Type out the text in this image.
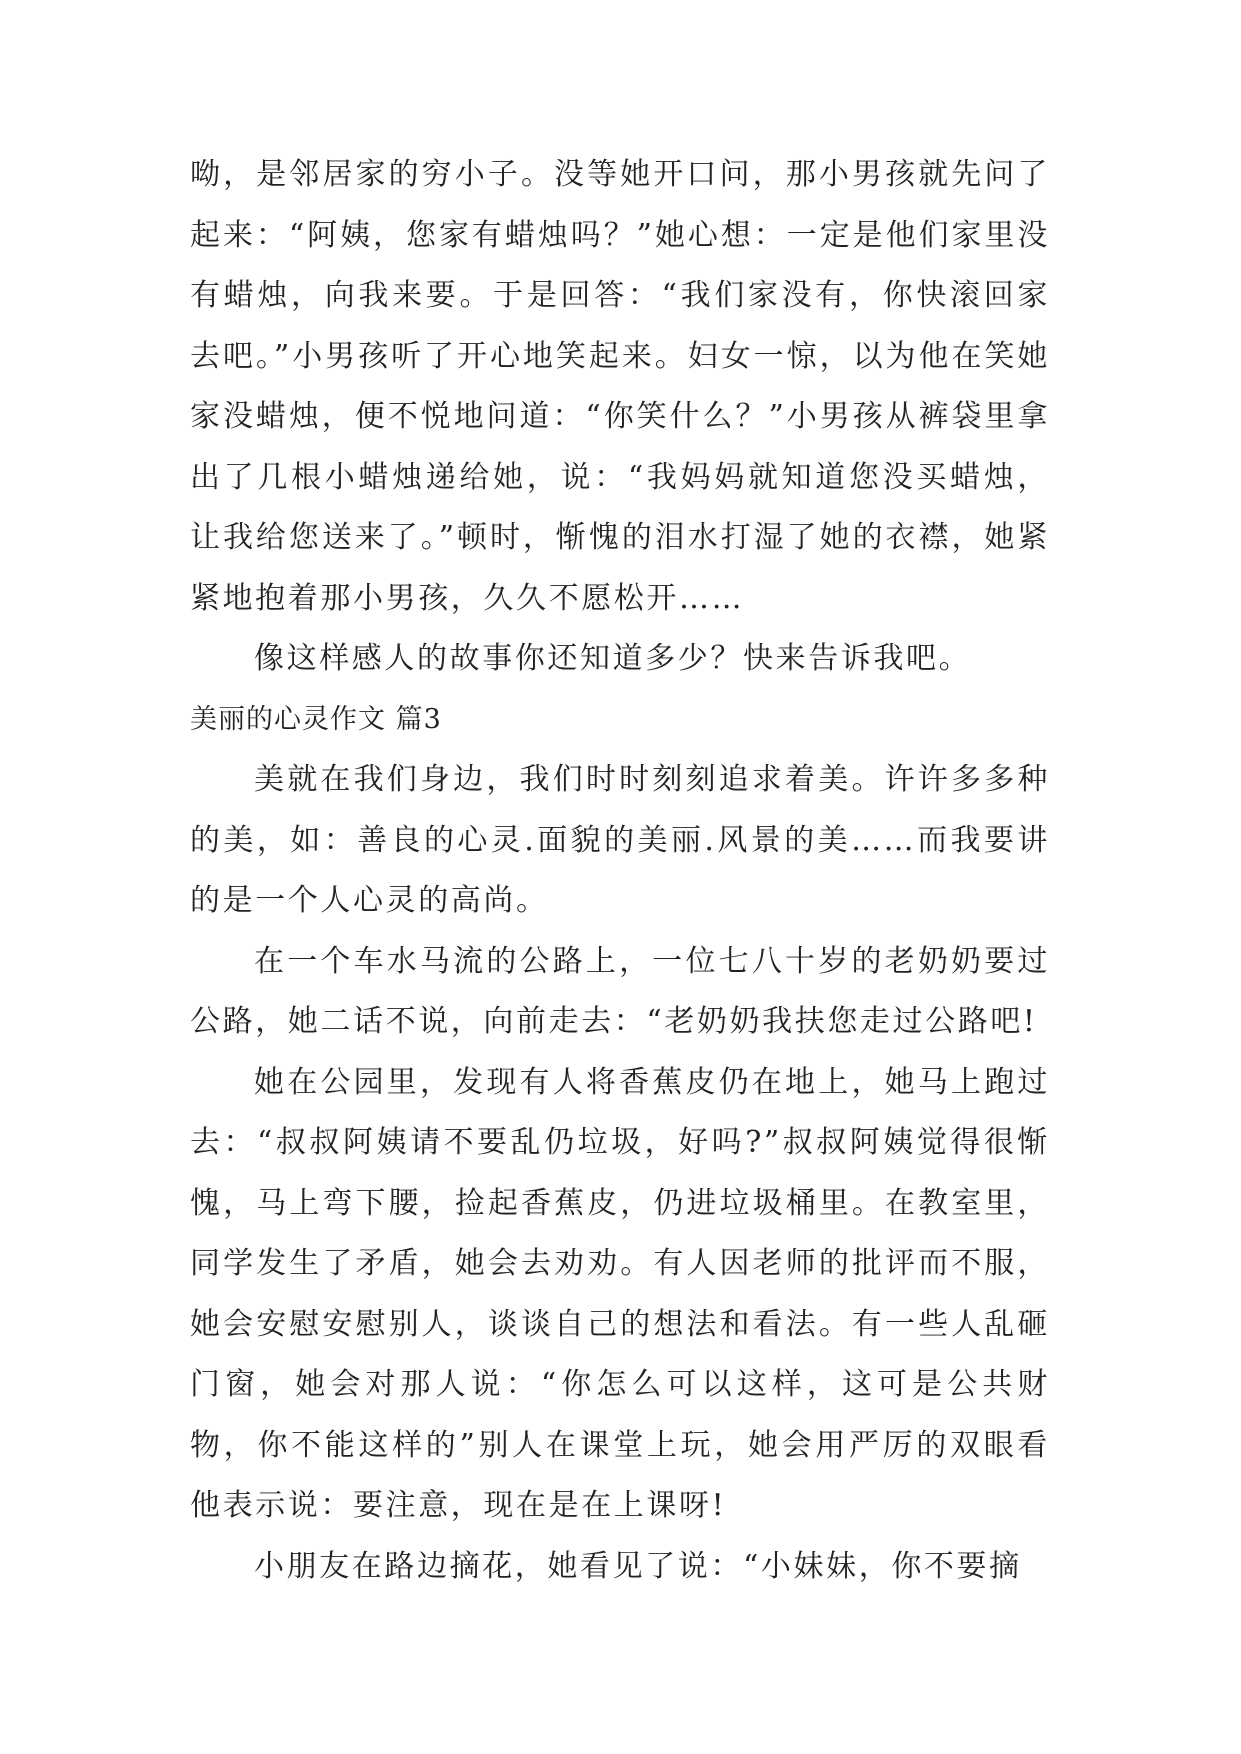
呦，是邻居家的穷小子。没等她开口问，那小男孩就先问了起来：“阿姨，您家有蜡烛吗？”她心想：一定是他们家里没有蜡烛，向我来要。于是回答：“我们家没有，你快滚回家去吧。”小男孩听了开心地笑起来。妇女一惊，以为他在笑她家没蜡烛，便不悦地问道：“你笑什么？”小男孩从裤袋里拿出了几根小蜡烛递给她，说：“我妈妈就知道您没买蜡烛，让我给您送来了。”顿时，惭愧的泪水打湿了她的衣襟，她紧紧地抱着那小男孩，久久不愿松开……

像这样感人的故事你还知道多少？快来告诉我吧。

美丽的心灵作文 篇3

美就在我们身边，我们时时刻刻追求着美。许许多多种的美，如：善良的心灵.面貌的美丽.风景的美……而我要讲的是一个人心灵的高尚。

在一个车水马流的公路上，一位七八十岁的老奶奶要过公路，她二话不说，向前走去：“老奶奶我扶您走过公路吧!

她在公园里，发现有人将香蕉皮仍在地上，她马上跑过去：“叔叔阿姨请不要乱仍垃圾，好吗?”叔叔阿姨觉得很惭愧，马上弯下腰，捡起香蕉皮，仍进垃圾桶里。在教室里，同学发生了矛盾，她会去劝劝。有人因老师的批评而不服，她会安慰安慰别人，谈谈自己的想法和看法。有一些人乱砸门窗，她会对那人说：“你怎么可以这样，这可是公共财物，你不能这样的”别人在课堂上玩，她会用严厉的双眼看他表示说：要注意，现在是在上课呀!

小朋友在路边摘花，她看见了说：“小妹妹，你不要摘
